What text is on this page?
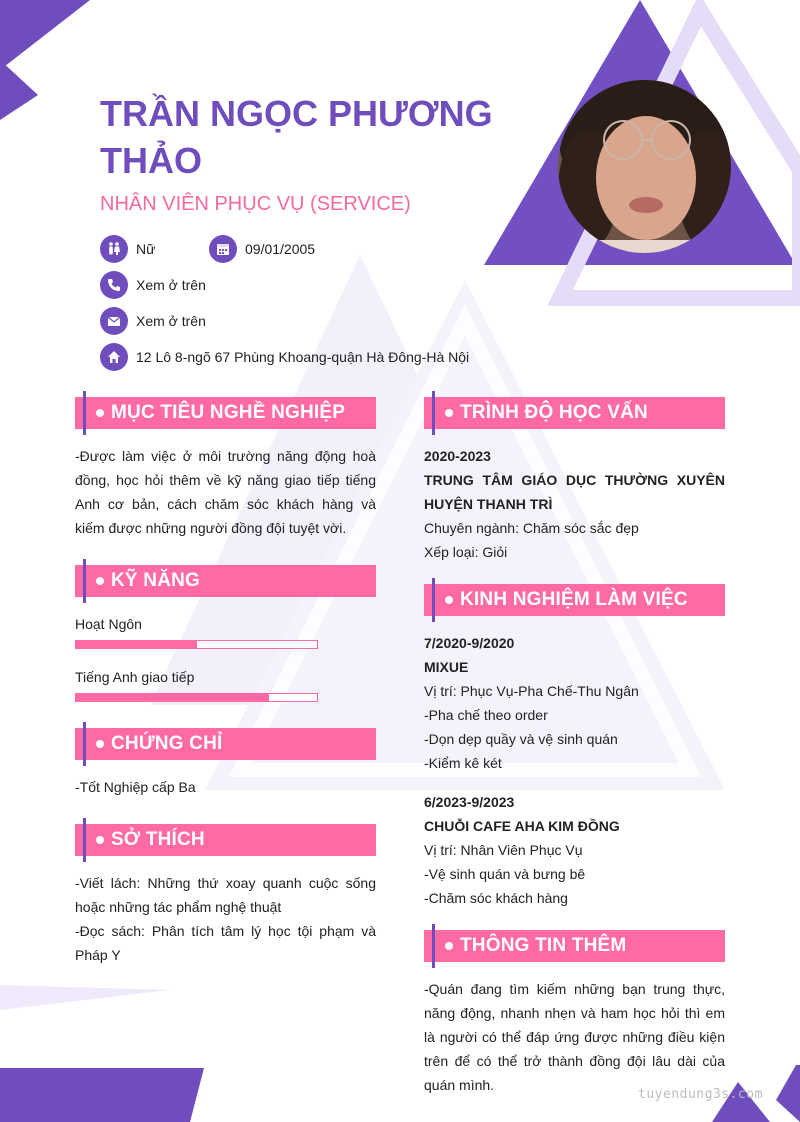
TRẦN NGỌC PHƯƠNG
THẢO
NHÂN VIÊN PHỤC VỤ (SERVICE)
Nữ	09/01/2005
Xem ở trên
Xem ở trên
12 Lô 8-ngõ 67 Phùng Khoang-quận Hà Đông-Hà Nội
MỤC TIÊU NGHỀ NGHIỆP
-Được làm việc ở môi trường năng động hoà đồng, học hỏi thêm về kỹ năng giao tiếp tiếng Anh cơ bản, cách chăm sóc khách hàng và kiếm được những người đồng đội tuyệt vời.
KỸ NĂNG
Hoạt Ngôn
Tiếng Anh giao tiếp
CHỨNG CHỈ
-Tốt Nghiệp cấp Ba
SỞ THÍCH
-Viết lách: Những thứ xoay quanh cuộc sống hoặc những tác phẩm nghệ thuật
-Đọc sách: Phân tích tâm lý học tội phạm và Pháp Y
TRÌNH ĐỘ HỌC VẤN
2020-2023
TRUNG TÂM GIÁO DỤC THƯỜNG XUYÊN HUYỆN THANH TRÌ
Chuyên ngành: Chăm sóc sắc đẹp
Xếp loại: Giỏi
KINH NGHIỆM LÀM VIỆC
7/2020-9/2020
MIXUE
Vị trí: Phục Vụ-Pha Chế-Thu Ngân
-Pha chế theo order
-Dọn dẹp quầy và vệ sinh quán
-Kiểm kê két
6/2023-9/2023
CHUỖI CAFE AHA KIM ĐỒNG
Vị trí: Nhân Viên Phục Vụ
-Vệ sinh quán và bưng bê
-Chăm sóc khách hàng
THÔNG TIN THÊM
-Quán đang tìm kiếm những bạn trung thực, năng động, nhanh nhẹn và ham học hỏi thì em là người có thể đáp ứng được những điều kiện trên để có thể trở thành đồng đội lâu dài của quán mình.
tuyendung3s.com
